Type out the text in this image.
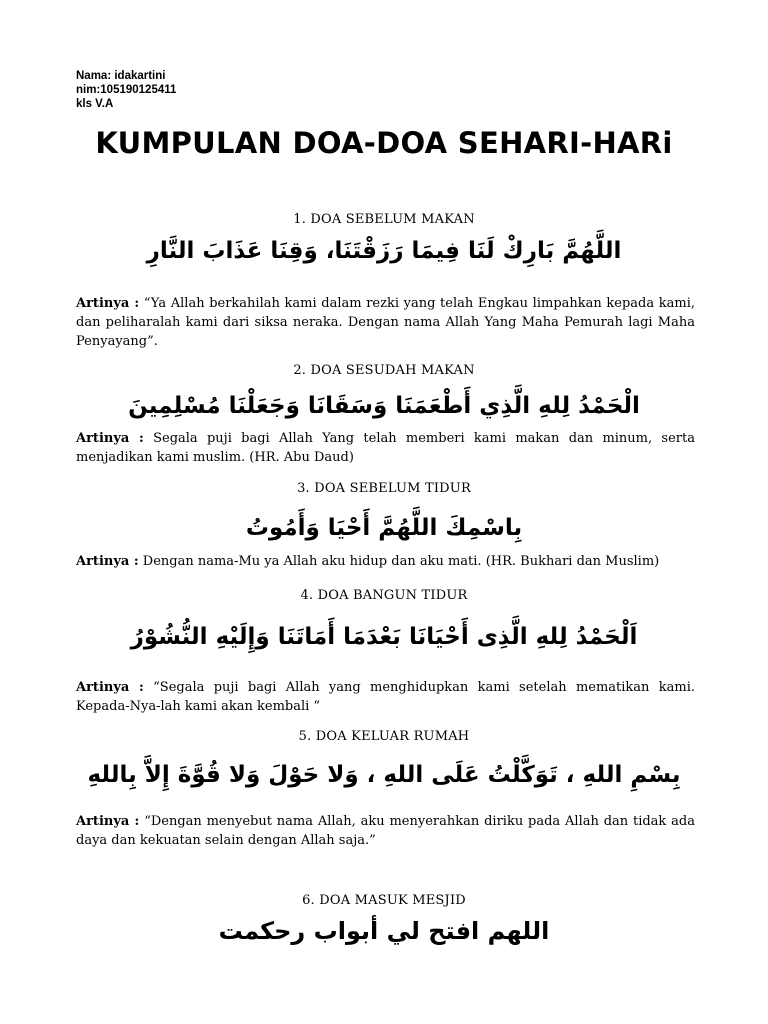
Nama: idakartini
nim:105190125411
kls V.A
KUMPULAN DOA-DOA SEHARI-HARi
1. DOA SEBELUM MAKAN
اللَّهُمَّ بَارِكْ لَنَا فِيمَا رَزَقْتَنَا، وَقِنَا عَذَابَ النَّارِ

Artinya : “Ya Allah berkahilah kami dalam rezki yang telah Engkau limpahkan kepada kami, dan peliharalah kami dari siksa neraka. Dengan nama Allah Yang Maha Pemurah lagi Maha Penyayang”.

2. DOA SESUDAH MAKAN
الْحَمْدُ لِلهِ الَّذِي أَطْعَمَنَا وَسَقَانَا وَجَعَلْنَا مُسْلِمِينَ

Artinya : Segala puji bagi Allah Yang telah memberi kami makan dan minum, serta menjadikan kami muslim. (HR. Abu Daud)

3. DOA SEBELUM TIDUR
بِاسْمِكَ اللَّهُمَّ أَحْيَا وَأَمُوتُ

Artinya : Dengan nama-Mu ya Allah aku hidup dan aku mati. (HR. Bukhari dan Muslim)

4. DOA BANGUN TIDUR
اَلْحَمْدُ لِلهِ الَّذِى أَحْيَانَا بَعْدَمَا أَمَاتَنَا وَإِلَيْهِ النُّشُوْرُ

Artinya : “Segala puji bagi Allah yang menghidupkan kami setelah mematikan kami. Kepada-Nya-lah kami akan kembali “

5. DOA KELUAR RUMAH
بِسْمِ اللهِ ، تَوَكَّلْتُ عَلَى اللهِ ، وَلا حَوْلَ وَلا قُوَّةَ إِلاَّ بِاللهِ

Artinya : “Dengan menyebut nama Allah, aku menyerahkan diriku pada Allah dan tidak ada daya dan kekuatan selain dengan Allah saja.”

6. DOA MASUK MESJID
اللهم افتح لي أبواب رحكمت
